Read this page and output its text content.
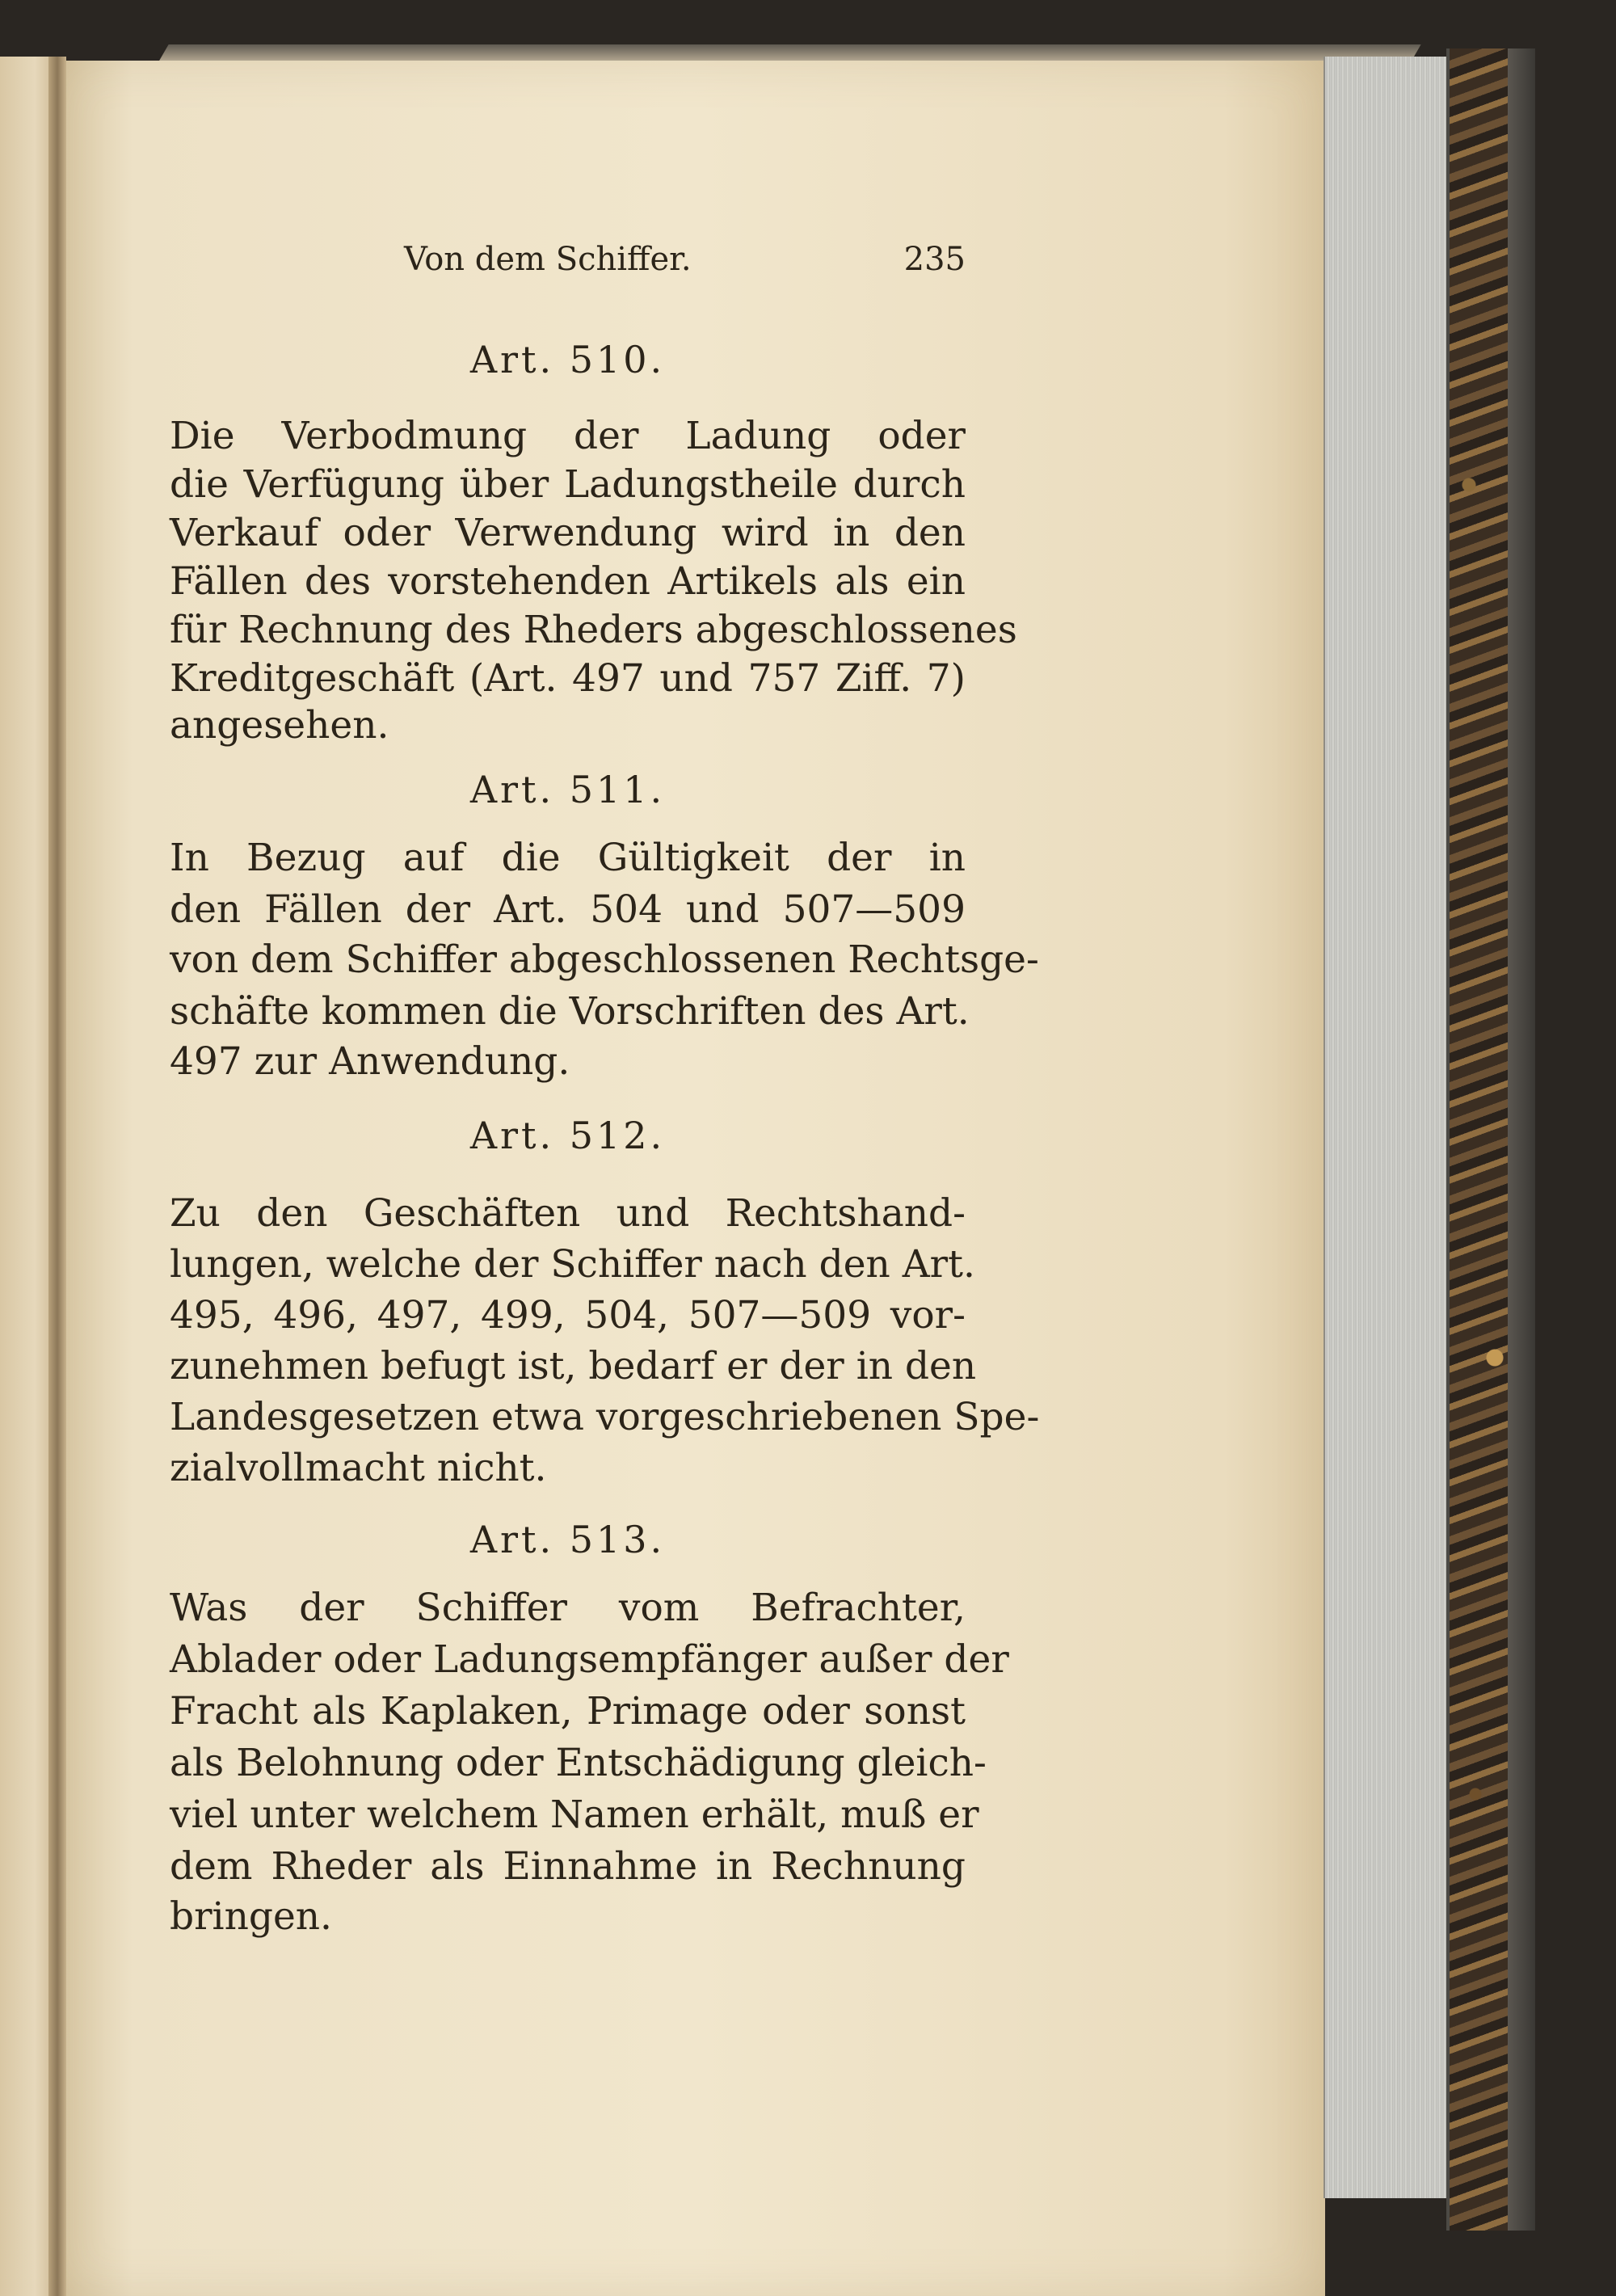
Von dem Schiffer.	235
Art. 510.
Die Verbodmung der Ladung oder
die Verfügung über Ladungstheile durch
Verkauf oder Verwendung wird in den
Fällen des vorstehenden Artikels als ein
für Rechnung des Rheders abgeschlossenes
Kreditgeschäft (Art. 497 und 757 Ziff. 7)
angesehen.
Art. 511.
In Bezug auf die Gültigkeit der in
den Fällen der Art. 504 und 507—509
von dem Schiffer abgeschlossenen Rechtsge-
schäfte kommen die Vorschriften des Art.
497 zur Anwendung.
Art. 512.
Zu den Geschäften und Rechtshand-
lungen, welche der Schiffer nach den Art.
495, 496, 497, 499, 504, 507—509 vor-
zunehmen befugt ist, bedarf er der in den
Landesgesetzen etwa vorgeschriebenen Spe-
zialvollmacht nicht.
Art. 513.
Was der Schiffer vom Befrachter,
Ablader oder Ladungsempfänger außer der
Fracht als Kaplaken, Primage oder sonst
als Belohnung oder Entschädigung gleich-
viel unter welchem Namen erhält, muß er
dem Rheder als Einnahme in Rechnung
bringen.
